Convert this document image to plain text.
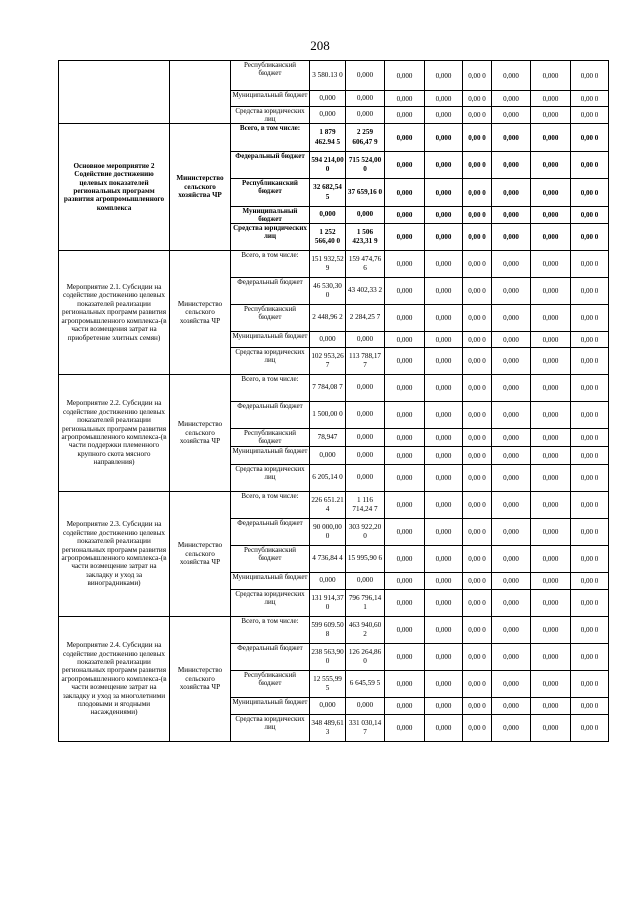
208
		Республиканский бюджет	3 580.13 0	0,000	0,000	0,000	0,00 0	0,000	0,000	0,00 0
		Муниципальный бюджет	0,000	0,000	0,000	0,000	0,00 0	0,000	0,000	0,00 0
		Средства юридических лиц	0,000	0,000	0,000	0,000	0,00 0	0,000	0,000	0,00 0
Основное мероприятие 2 Содействие достижению целевых показателей региональных программ развития агропромышленного комплекса	Министерство сельского хозяйства ЧР	Всего, в том числе:	1 879 462.94 5	2 259 606,47 9	0,000	0,000	0,00 0	0,000	0,000	0,00 0
		Федеральный бюджет	594 214,00 0	715 524,00 0	0,000	0,000	0,00 0	0,000	0,000	0,00 0
		Республиканский бюджет	32 682,54 5	37 659,16 0	0,000	0,000	0,00 0	0,000	0,000	0,00 0
		Муниципальный бюджет	0,000	0,000	0,000	0,000	0,00 0	0,000	0,000	0,00 0
		Средства юридических лиц	1 252 566,40 0	1 506 423,31 9	0,000	0,000	0,00 0	0,000	0,000	0,00 0
Мероприятие 2.1. Субсидии на содействие достижению целевых показателей реализации региональных программ развития агропромышленного комплекса-(в части возмещения затрат на приобретение элитных семян)	Министерство сельского хозяйства ЧР	Всего, в том числе:	151 932,52 9	159 474,76 6	0,000	0,000	0,00 0	0,000	0,000	0,00 0
		Федеральный бюджет	46 530,30 0	43 402,33 2	0,000	0,000	0,00 0	0,000	0,000	0,00 0
		Республиканский бюджет	2 448,96 2	2 284,25 7	0,000	0,000	0,00 0	0,000	0,000	0,00 0
		Муниципальный бюджет	0,000	0,000	0,000	0,000	0,00 0	0,000	0,000	0,00 0
		Средства юридических лиц	102 953,26 7	113 788,17 7	0,000	0,000	0,00 0	0,000	0,000	0,00 0
Мероприятие 2.2. Субсидии на содействие достижению целевых показателей реализации региональных программ развития агропромышленного комплекса-(в части поддержки племенного крупного скота мясного направления)	Министерство сельского хозяйства ЧР	Всего, в том числе:	7 784,08 7	0,000	0,000	0,000	0,00 0	0,000	0,000	0,00 0
		Федеральный бюджет	1 500,00 0	0,000	0,000	0,000	0,00 0	0,000	0,000	0,00 0
		Республиканский бюджет	78,947	0,000	0,000	0,000	0,00 0	0,000	0,000	0,00 0
		Муниципальный бюджет	0,000	0,000	0,000	0,000	0,00 0	0,000	0,000	0,00 0
		Средства юридических лиц	6 205,14 0	0,000	0,000	0,000	0,00 0	0,000	0,000	0,00 0
Мероприятие 2.3. Субсидии на содействие достижению целевых показателей реализации региональных программ развития агропромышленного комплекса-(в части возмещение затрат на закладку и уход за виноградниками)	Министерство сельского хозяйства ЧР	Всего, в том числе:	226 651.21 4	1 116 714,24 7	0,000	0,000	0,00 0	0,000	0,000	0,00 0
		Федеральный бюджет	90 000,00 0	303 922,20 0	0,000	0,000	0,00 0	0,000	0,000	0,00 0
		Республиканский бюджет	4 736,84 4	15 995,90 6	0,000	0,000	0,00 0	0,000	0,000	0,00 0
		Муниципальный бюджет	0,000	0,000	0,000	0,000	0,00 0	0,000	0,000	0,00 0
		Средства юридических лиц	131 914,37 0	796 796,14 1	0,000	0,000	0,00 0	0,000	0,000	0,00 0
Мероприятие 2.4. Субсидии на содействие достижению целевых показателей реализации региональных программ развития агропромышленного комплекса-(в части возмещение затрат на закладку и уход за многолетними плодовыми и ягодными насаждениями)	Министерство сельского хозяйства ЧР	Всего, в том числе:	599 609.50 8	463 940,60 2	0,000	0,000	0,00 0	0,000	0,000	0,00 0
		Федеральный бюджет	238 563,90 0	126 264,86 0	0,000	0,000	0,00 0	0,000	0,000	0,00 0
		Республиканский бюджет	12 555,99 5	6 645,59 5	0,000	0,000	0,00 0	0,000	0,000	0,00 0
		Муниципальный бюджет	0,000	0,000	0,000	0,000	0,00 0	0,000	0,000	0,00 0
		Средства юридических лиц	348 489,61 3	331 030,14 7	0,000	0,000	0,00 0	0,000	0,000	0,00 0
